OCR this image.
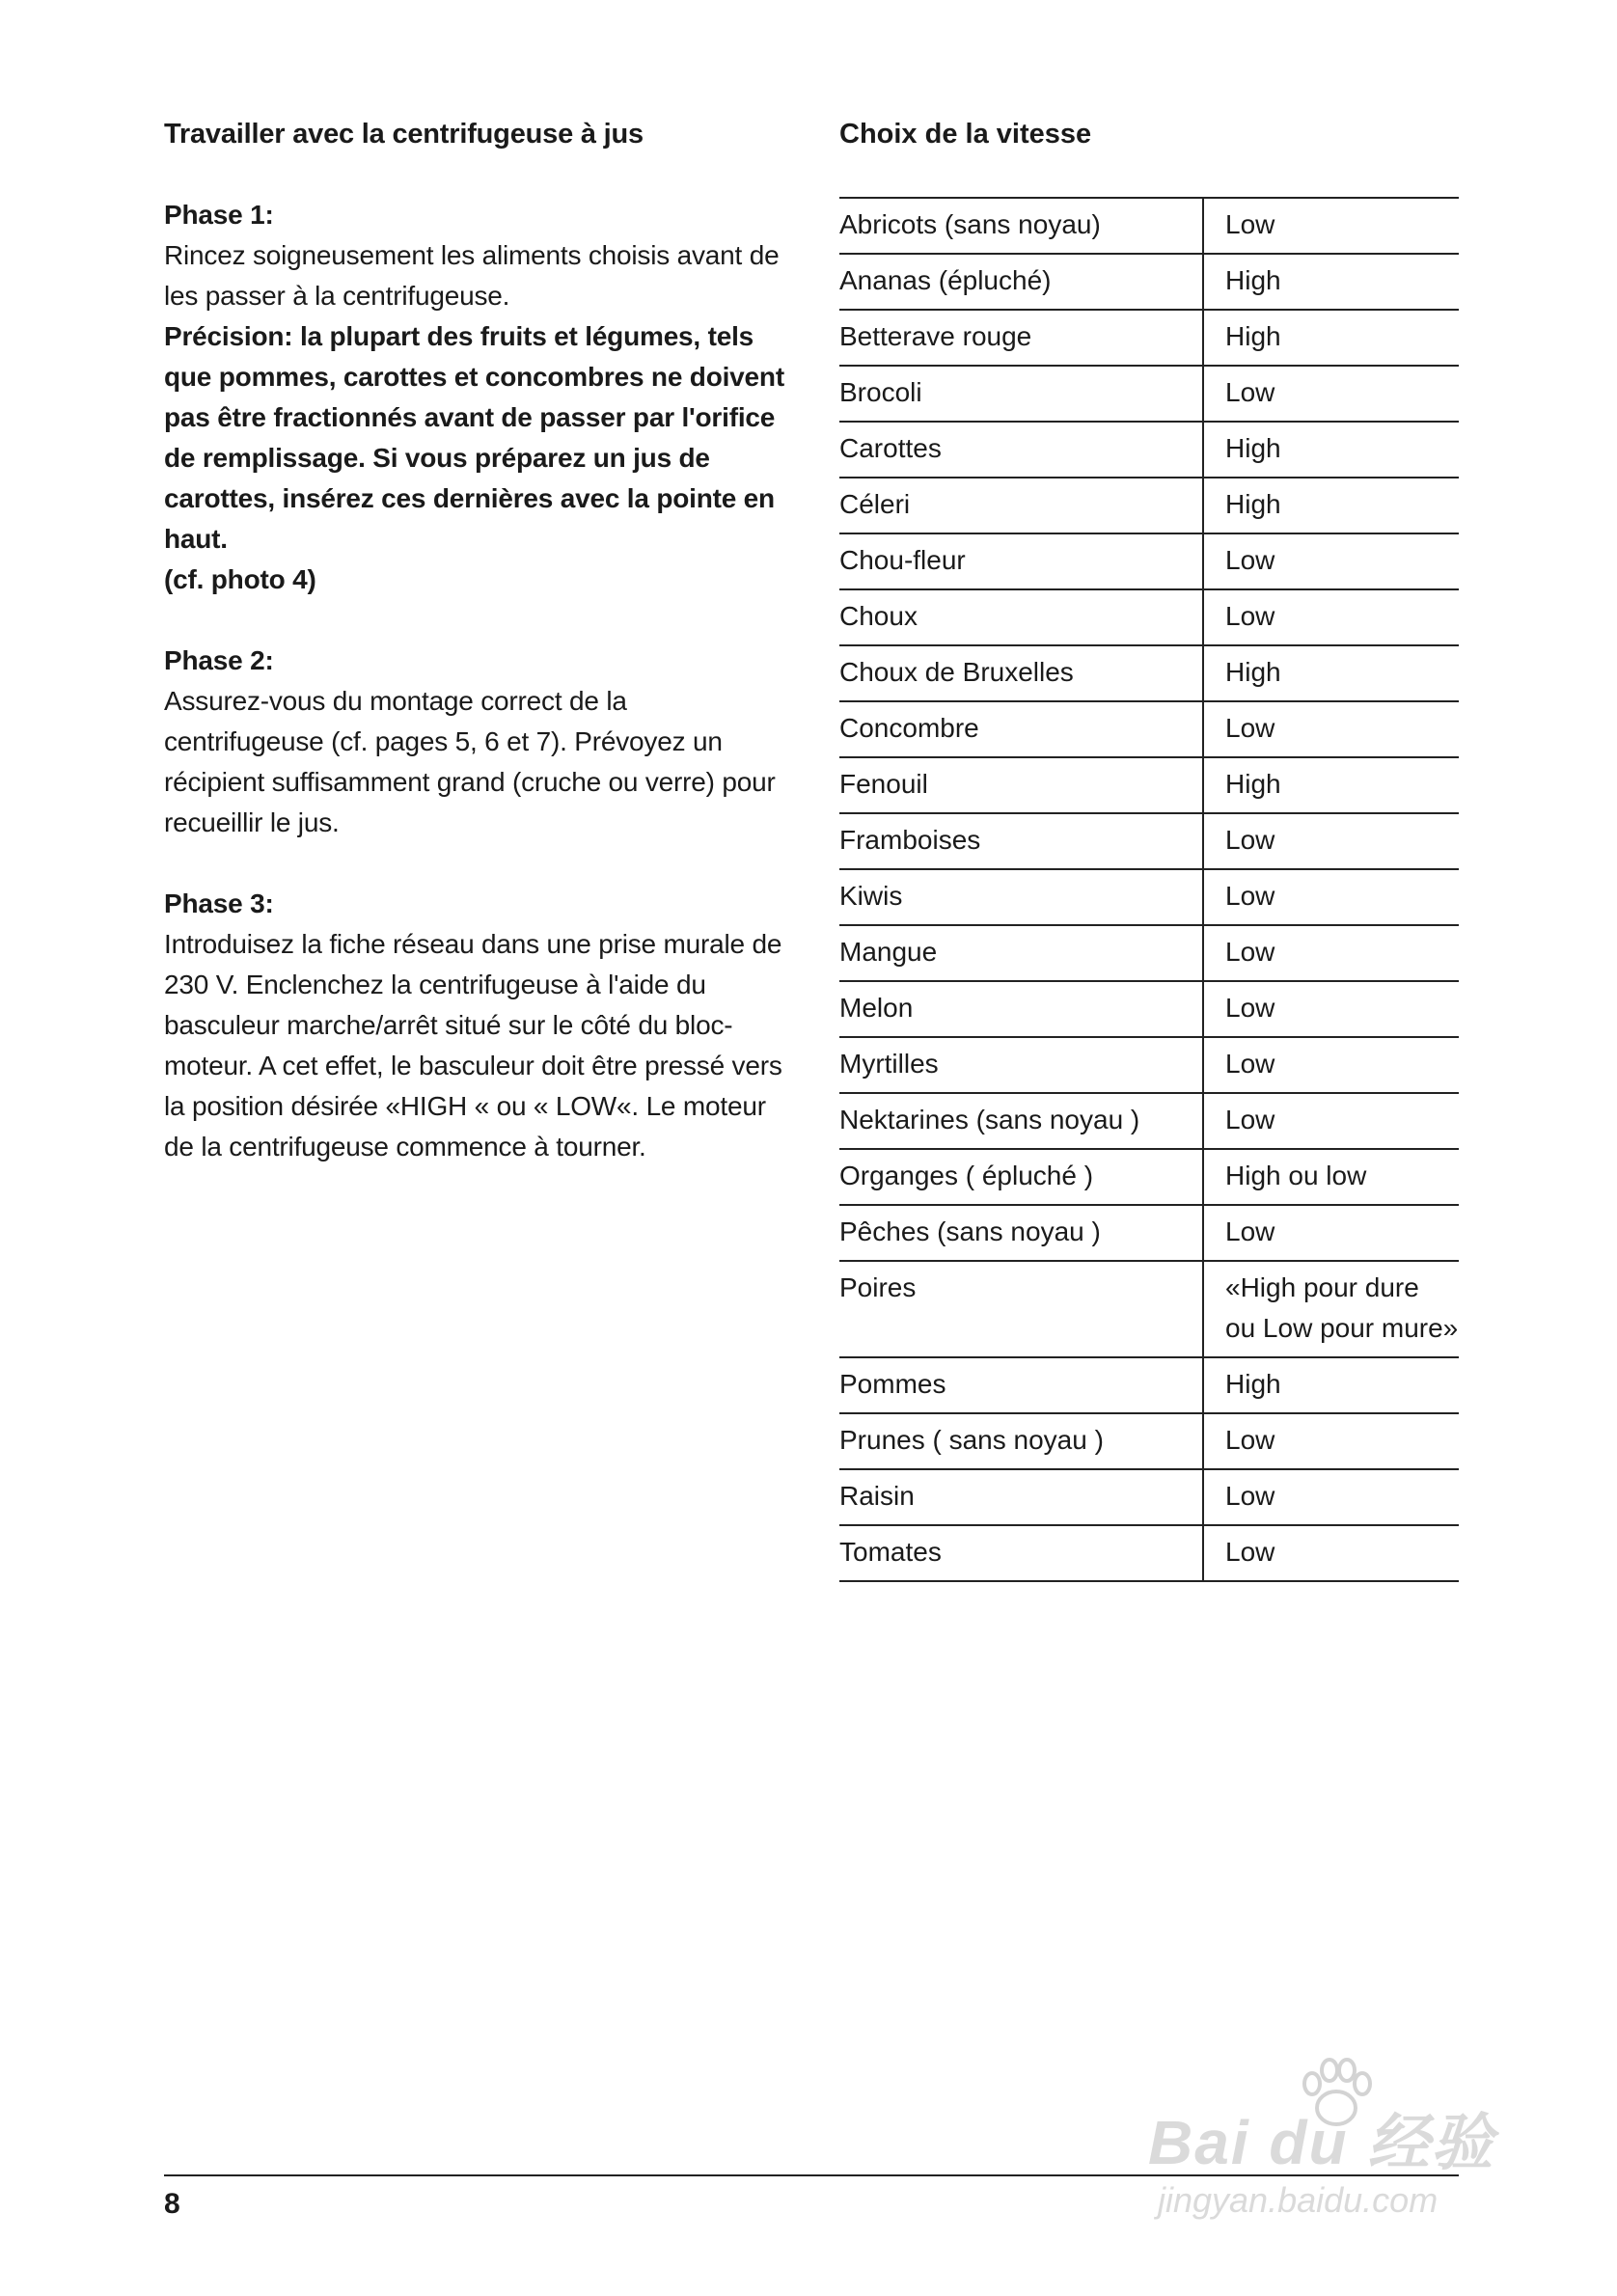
Travailler avec la centrifugeuse à jus

Phase 1:

Rincez soigneusement les aliments choisis avant de les passer à la centrifugeuse.

Précision: la plupart des fruits et légumes, tels que pommes, carottes et concombres ne doivent pas être fractionnés avant de passer par l'orifice de remplissage. Si vous préparez un jus de carottes, insérez ces dernières avec la pointe en haut.

(cf. photo 4)

Phase 2:

Assurez-vous du montage correct de la centrifugeuse (cf. pages 5, 6 et 7). Prévoyez un récipient suffisamment grand (cruche ou verre) pour recueillir le jus.

Phase 3:

Introduisez la fiche réseau dans une prise murale de 230 V. Enclenchez la centrifugeuse à l'aide du basculeur marche/arrêt situé sur le côté du bloc-moteur. A cet effet, le basculeur doit être pressé vers la position désirée «HIGH « ou « LOW«. Le moteur de la centrifugeuse commence à tourner.

Choix de la vitesse

Abricots (sans noyau)	Low
Ananas (épluché)	High
Betterave rouge	High
Brocoli	Low
Carottes	High
Céleri	High
Chou-fleur	Low
Choux	Low
Choux de Bruxelles	High
Concombre	Low
Fenouil	High
Framboises	Low
Kiwis	Low
Mangue	Low
Melon	Low
Myrtilles	Low
Nektarines (sans noyau )	Low
Organges ( épluché )	High ou low
Pêches (sans noyau )	Low
Poires	«High pour dure
ou Low pour mure»
Pommes	High
Prunes ( sans noyau )	Low
Raisin	Low
Tomates	Low
8
Bai du 经验
jingyan.baidu.com
